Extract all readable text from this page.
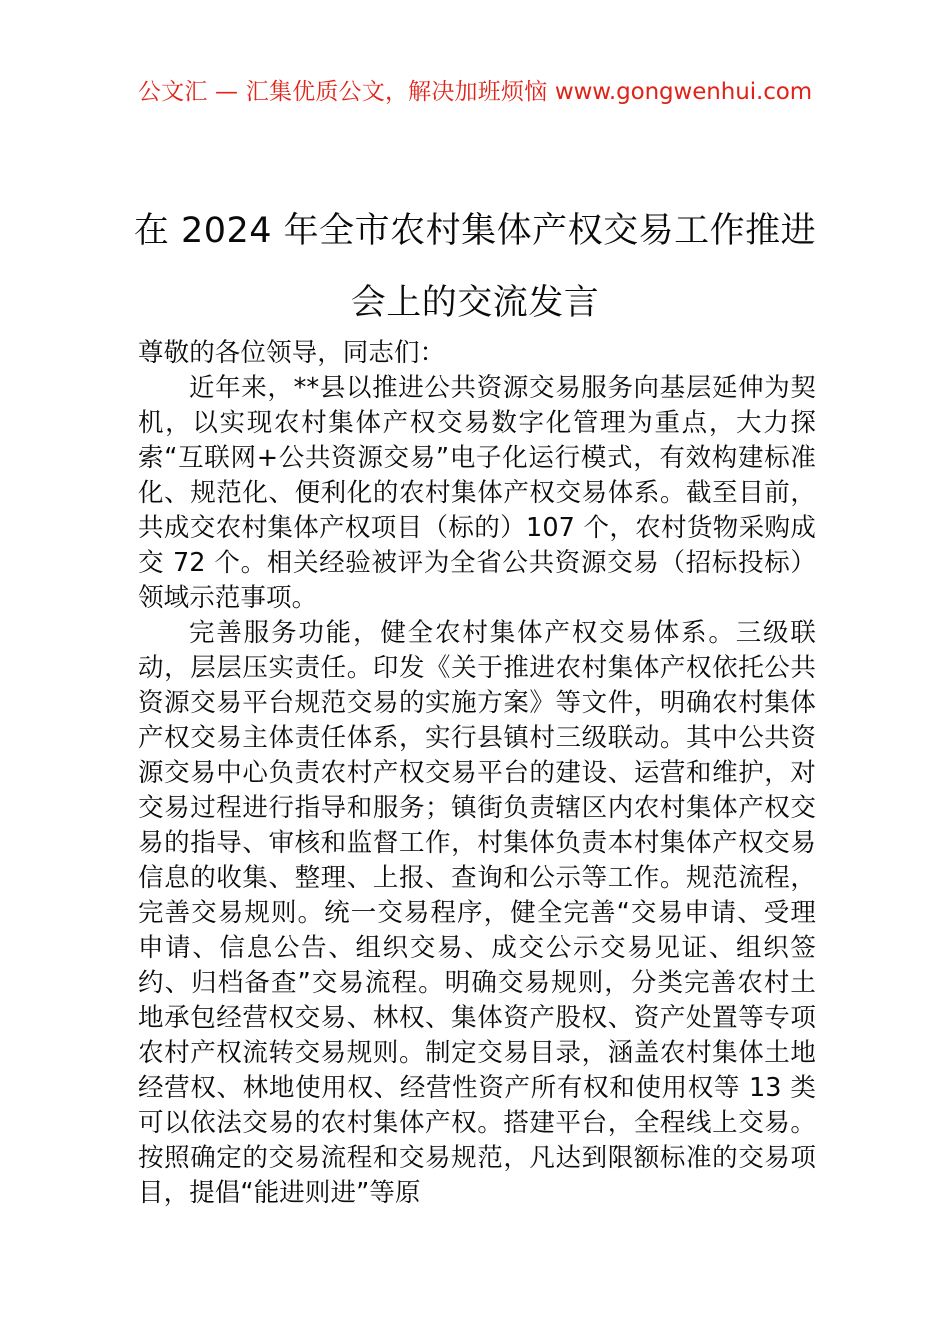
公文汇 — 汇集优质公文，解决加班烦恼 www.gongwenhui.com
在 2024 年全市农村集体产权交易工作推进会上的交流发言

尊敬的各位领导，同志们：

近年来，**县以推进公共资源交易服务向基层延伸为契机，以实现农村集体产权交易数字化管理为重点，大力探索“互联网+公共资源交易”电子化运行模式，有效构建标准化、规范化、便利化的农村集体产权交易体系。截至目前，共成交农村集体产权项目（标的）107 个，农村货物采购成交 72 个。相关经验被评为全省公共资源交易（招标投标）领域示范事项。

完善服务功能，健全农村集体产权交易体系。三级联动，层层压实责任。印发《关于推进农村集体产权依托公共资源交易平台规范交易的实施方案》等文件，明确农村集体产权交易主体责任体系，实行县镇村三级联动。其中公共资源交易中心负责农村产权交易平台的建设、运营和维护，对交易过程进行指导和服务；镇街负责辖区内农村集体产权交易的指导、审核和监督工作，村集体负责本村集体产权交易信息的收集、整理、上报、查询和公示等工作。规范流程，完善交易规则。统一交易程序，健全完善“交易申请、受理申请、信息公告、组织交易、成交公示交易见证、组织签约、归档备查”交易流程。明确交易规则，分类完善农村土地承包经营权交易、林权、集体资产股权、资产处置等专项农村产权流转交易规则。制定交易目录，涵盖农村集体土地经营权、林地使用权、经营性资产所有权和使用权等 13 类可以依法交易的农村集体产权。搭建平台，全程线上交易。按照确定的交易流程和交易规范，凡达到限额标准的交易项目，提倡“能进则进”等原
